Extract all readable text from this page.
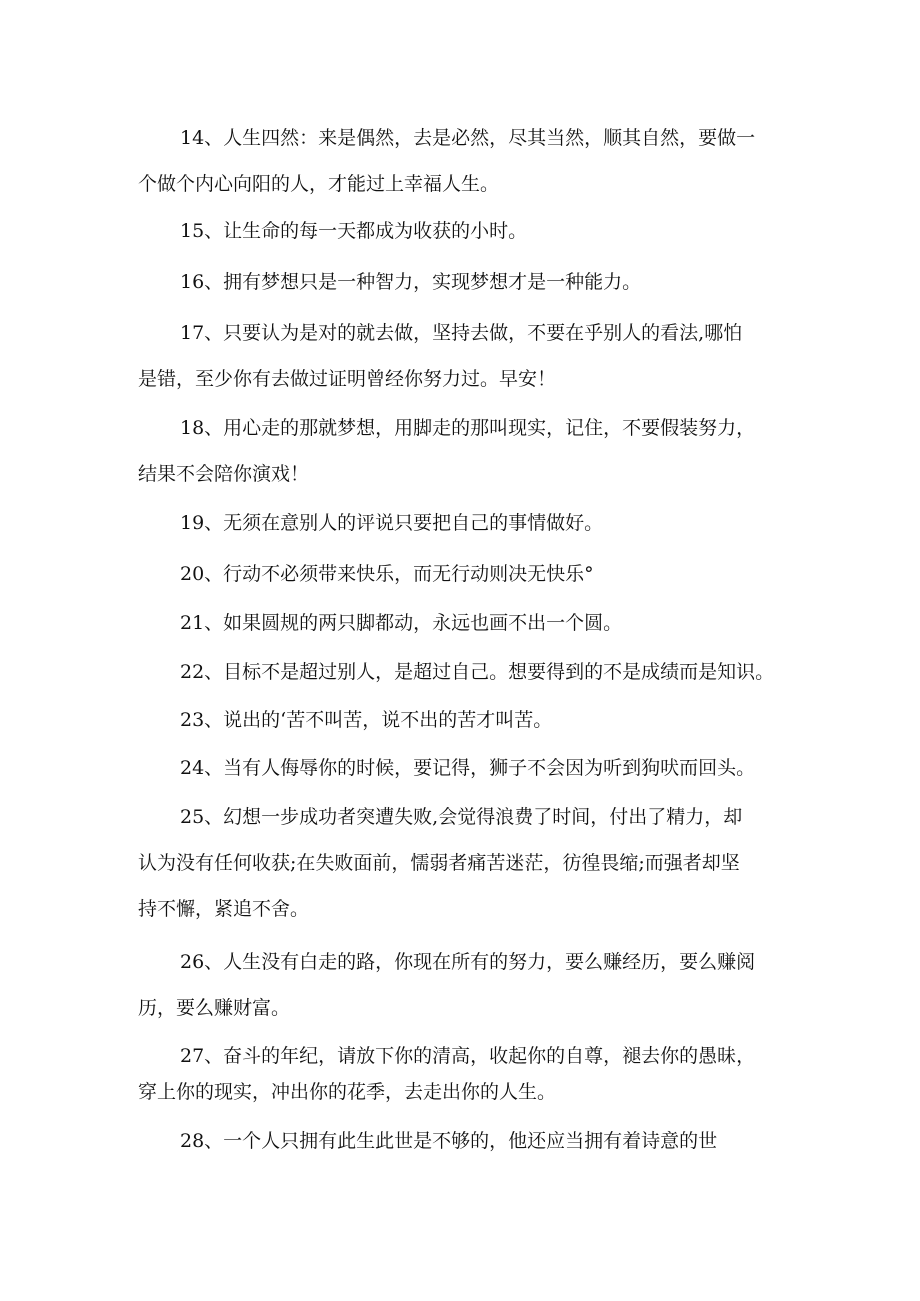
14、人生四然：来是偶然，去是必然，尽其当然，顺其自然，要做一
个做个内心向阳的人，才能过上幸福人生。

15、让生命的每一天都成为收获的小时。

16、拥有梦想只是一种智力，实现梦想才是一种能力。

17、只要认为是对的就去做，坚持去做，不要在乎别人的看法,哪怕
是错，至少你有去做过证明曾经你努力过。早安！

18、用心走的那就梦想，用脚走的那叫现实，记住，不要假装努力，
结果不会陪你演戏！

19、无须在意别人的评说只要把自己的事情做好。

20、行动不必须带来快乐，而无行动则决无快乐°

21、如果圆规的两只脚都动，永远也画不出一个圆。

22、目标不是超过别人，是超过自己。想要得到的不是成绩而是知识。

23、说出的‘苦不叫苦，说不出的苦才叫苦。

24、当有人侮辱你的时候，要记得，狮子不会因为听到狗吠而回头。

25、幻想一步成功者突遭失败,会觉得浪费了时间，付出了精力，却
认为没有任何收获;在失败面前，懦弱者痛苦迷茫，彷徨畏缩;而强者却坚
持不懈，紧追不舍。

26、人生没有白走的路，你现在所有的努力，要么赚经历，要么赚阅
历，要么赚财富。

27、奋斗的年纪，请放下你的清高，收起你的自尊，褪去你的愚昧，
穿上你的现实，冲出你的花季，去走出你的人生。

28、一个人只拥有此生此世是不够的，他还应当拥有着诗意的世
